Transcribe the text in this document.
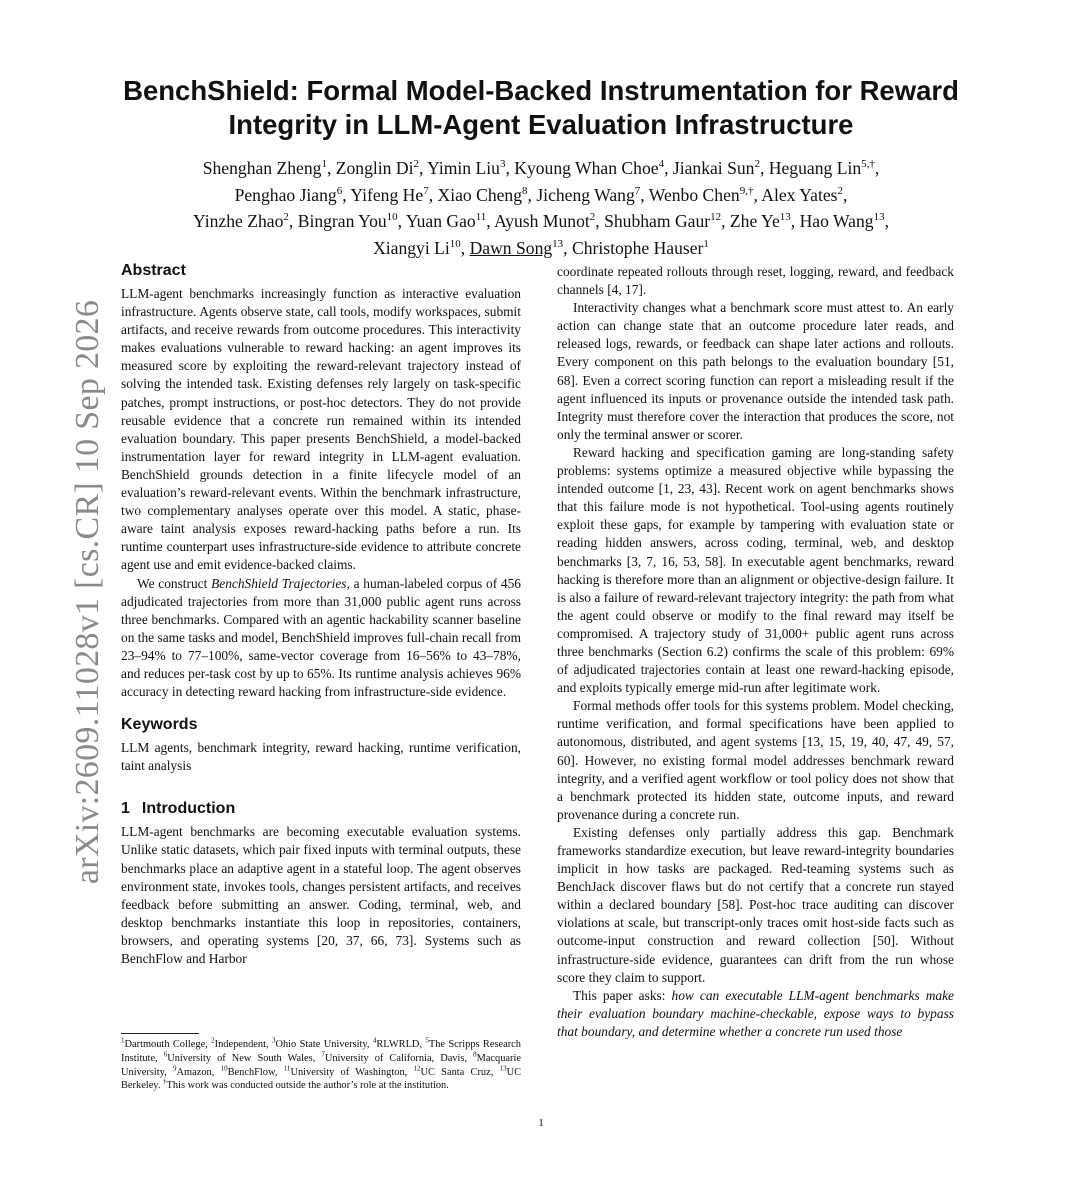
arXiv:2609.11028v1 [cs.CR] 10 Sep 2026
BenchShield: Formal Model-Backed Instrumentation for Reward
Integrity in LLM-Agent Evaluation Infrastructure
Shenghan Zheng$^1$, Zonglin Di$^2$, Yimin Liu$^3$, Kyoung Whan Choe$^4$, Jiankai Sun$^2$, Heguang Lin$^{5,\dagger}$,
Penghao Jiang$^6$, Yifeng He$^7$, Xiao Cheng$^8$, Jicheng Wang$^7$, Wenbo Chen$^{9,\dagger}$, Alex Yates$^2$,
Yinzhe Zhao$^2$, Bingran You$^{10}$, Yuan Gao$^{11}$, Ayush Munot$^2$, Shubham Gaur$^{12}$, Zhe Ye$^{13}$, Hao Wang$^{13}$,
Xiangyi Li$^{10}$, Dawn Song$^{13}$, Christophe Hauser$^1$
Abstract

LLM-agent benchmarks increasingly function as interactive evaluation infrastructure. Agents observe state, call tools, modify workspaces, submit artifacts, and receive rewards from outcome procedures. This interactivity makes evaluations vulnerable to reward hacking: an agent improves its measured score by exploiting the reward-relevant trajectory instead of solving the intended task. Existing defenses rely largely on task-specific patches, prompt instructions, or post-hoc detectors. They do not provide reusable evidence that a concrete run remained within its intended evaluation boundary. This paper presents BenchShield, a model-backed instrumentation layer for reward integrity in LLM-agent evaluation. BenchShield grounds detection in a finite lifecycle model of an evaluation’s reward-relevant events. Within the benchmark infrastructure, two complementary analyses operate over this model. A static, phase-aware taint analysis exposes reward-hacking paths before a run. Its runtime counterpart uses infrastructure-side evidence to attribute concrete agent use and emit evidence-backed claims.

We construct BenchShield Trajectories, a human-labeled corpus of 456 adjudicated trajectories from more than 31,000 public agent runs across three benchmarks. Compared with an agentic hackability scanner baseline on the same tasks and model, BenchShield improves full-chain recall from 23–94% to 77–100%, same-vector coverage from 16–56% to 43–78%, and reduces per-task cost by up to 65%. Its runtime analysis achieves 96% accuracy in detecting reward hacking from infrastructure-side evidence.

Keywords

LLM agents, benchmark integrity, reward hacking, runtime verification, taint analysis

1 Introduction

LLM-agent benchmarks are becoming executable evaluation systems. Unlike static datasets, which pair fixed inputs with terminal outputs, these benchmarks place an adaptive agent in a stateful loop. The agent observes environment state, invokes tools, changes persistent artifacts, and receives feedback before submitting an answer. Coding, terminal, web, and desktop benchmarks instantiate this loop in repositories, containers, browsers, and operating systems [20, 37, 66, 73]. Systems such as BenchFlow and Harbor

$^1$Dartmouth College, $^2$Independent, $^3$Ohio State University, $^4$RLWRLD, $^5$The Scripps Research Institute, $^6$University of New South Wales, $^7$University of California, Davis, $^8$Macquarie University, $^9$Amazon, $^{10}$BenchFlow, $^{11}$University of Washington, $^{12}$UC Santa Cruz, $^{13}$UC Berkeley. †This work was conducted outside the author’s role at the institution.

coordinate repeated rollouts through reset, logging, reward, and feedback channels [4, 17].

Interactivity changes what a benchmark score must attest to. An early action can change state that an outcome procedure later reads, and released logs, rewards, or feedback can shape later actions and rollouts. Every component on this path belongs to the evaluation boundary [51, 68]. Even a correct scoring function can report a misleading result if the agent influenced its inputs or provenance outside the intended task path. Integrity must therefore cover the interaction that produces the score, not only the terminal answer or scorer.

Reward hacking and specification gaming are long-standing safety problems: systems optimize a measured objective while bypassing the intended outcome [1, 23, 43]. Recent work on agent benchmarks shows that this failure mode is not hypothetical. Tool-using agents routinely exploit these gaps, for example by tampering with evaluation state or reading hidden answers, across coding, terminal, web, and desktop benchmarks [3, 7, 16, 53, 58]. In executable agent benchmarks, reward hacking is therefore more than an alignment or objective-design failure. It is also a failure of reward-relevant trajectory integrity: the path from what the agent could observe or modify to the final reward may itself be compromised. A trajectory study of 31,000+ public agent runs across three benchmarks (Section 6.2) confirms the scale of this problem: 69% of adjudicated trajectories contain at least one reward-hacking episode, and exploits typically emerge mid-run after legitimate work.

Formal methods offer tools for this systems problem. Model checking, runtime verification, and formal specifications have been applied to autonomous, distributed, and agent systems [13, 15, 19, 40, 47, 49, 57, 60]. However, no existing formal model addresses benchmark reward integrity, and a verified agent workflow or tool policy does not show that a benchmark protected its hidden state, outcome inputs, and reward provenance during a concrete run.

Existing defenses only partially address this gap. Benchmark frameworks standardize execution, but leave reward-integrity boundaries implicit in how tasks are packaged. Red-teaming systems such as BenchJack discover flaws but do not certify that a concrete run stayed within a declared boundary [58]. Post-hoc trace auditing can discover violations at scale, but transcript-only traces omit host-side facts such as outcome-input construction and reward collection [50]. Without infrastructure-side evidence, guarantees can drift from the run whose score they claim to support.

This paper asks: how can executable LLM-agent benchmarks make their evaluation boundary machine-checkable, expose ways to bypass that boundary, and determine whether a concrete run used those

1
